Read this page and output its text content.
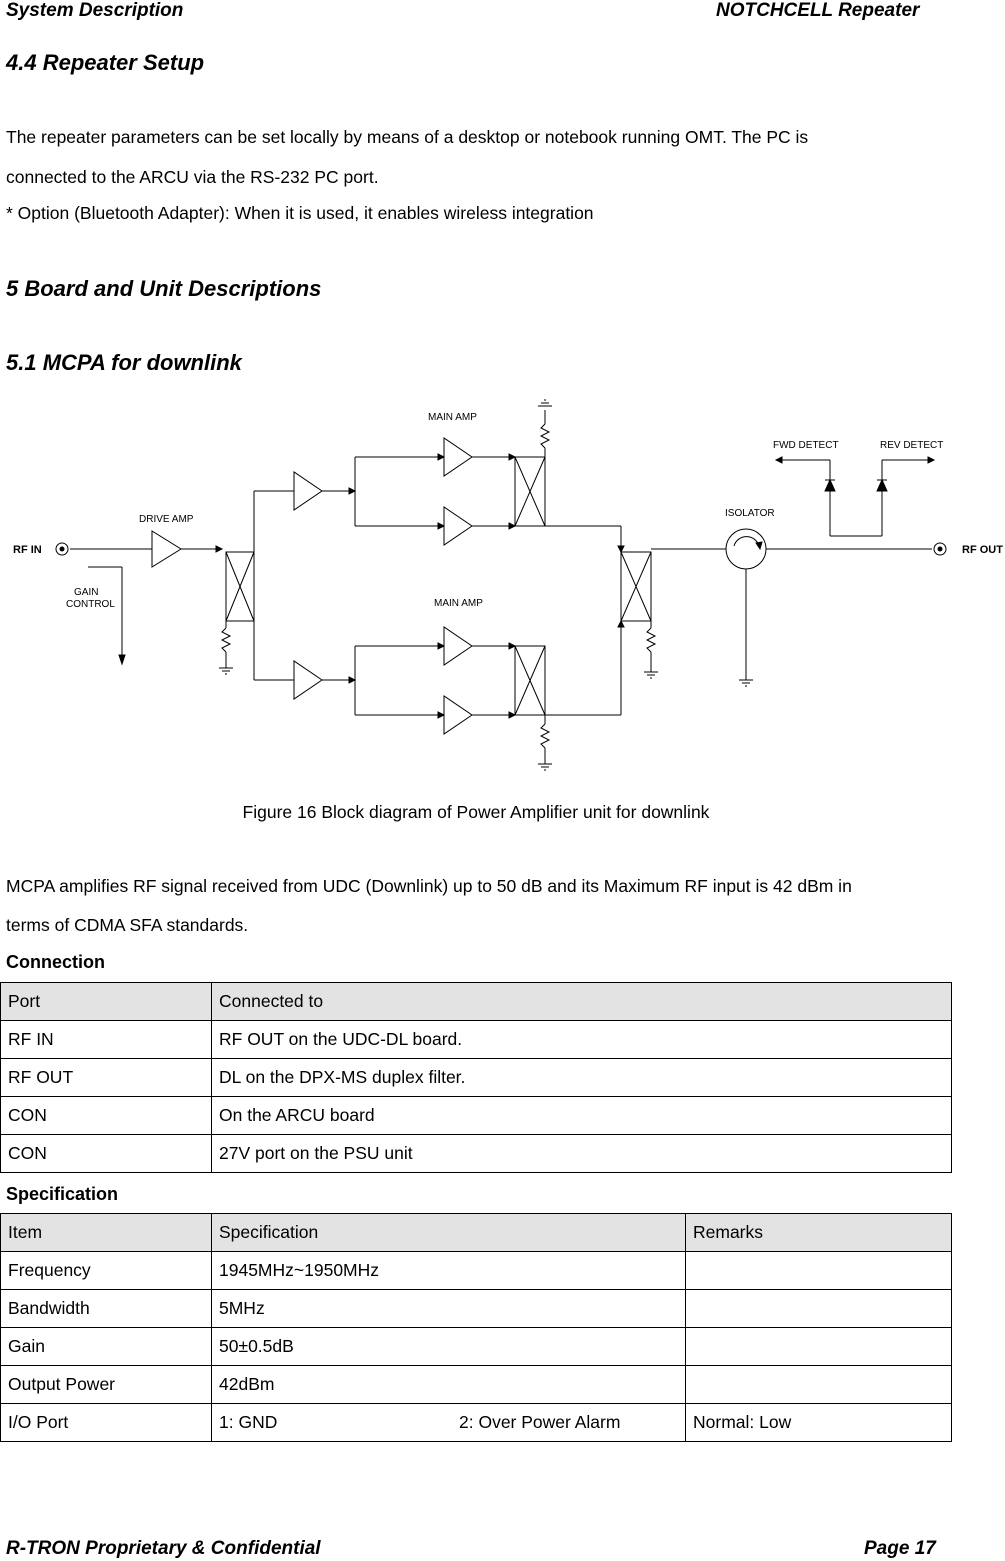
System Description	NOTCHCELL Repeater
4.4 Repeater Setup
The repeater parameters can be set locally by means of a desktop or notebook running OMT. The PC is
connected to the ARCU via the RS-232 PC port.
* Option (Bluetooth Adapter): When it is used, it enables wireless integration
5 Board and Unit Descriptions
5.1 MCPA for downlink
RF IN	RF OUT
DRIVE AMP
GAIN
CONTROL
MAIN AMP
MAIN AMP
ISOLATOR
FWD DETECT	REV DETECT
Figure 16 Block diagram of Power Amplifier unit for downlink
MCPA amplifies RF signal received from UDC (Downlink) up to 50 dB and its Maximum RF input is 42 dBm in
terms of CDMA SFA standards.
Connection
Port	Connected to
RF IN	RF OUT on the UDC-DL board.
RF OUT	DL on the DPX-MS duplex filter.
CON	On the ARCU board
CON	27V port on the PSU unit
Specification
Item	Specification	Remarks
Frequency	1945MHz~1950MHz	
Bandwidth	5MHz	
Gain	50±0.5dB	
Output Power	42dBm	
I/O Port	1: GND 2: Over Power Alarm	Normal: Low
R-TRON Proprietary & Confidential	Page 17
